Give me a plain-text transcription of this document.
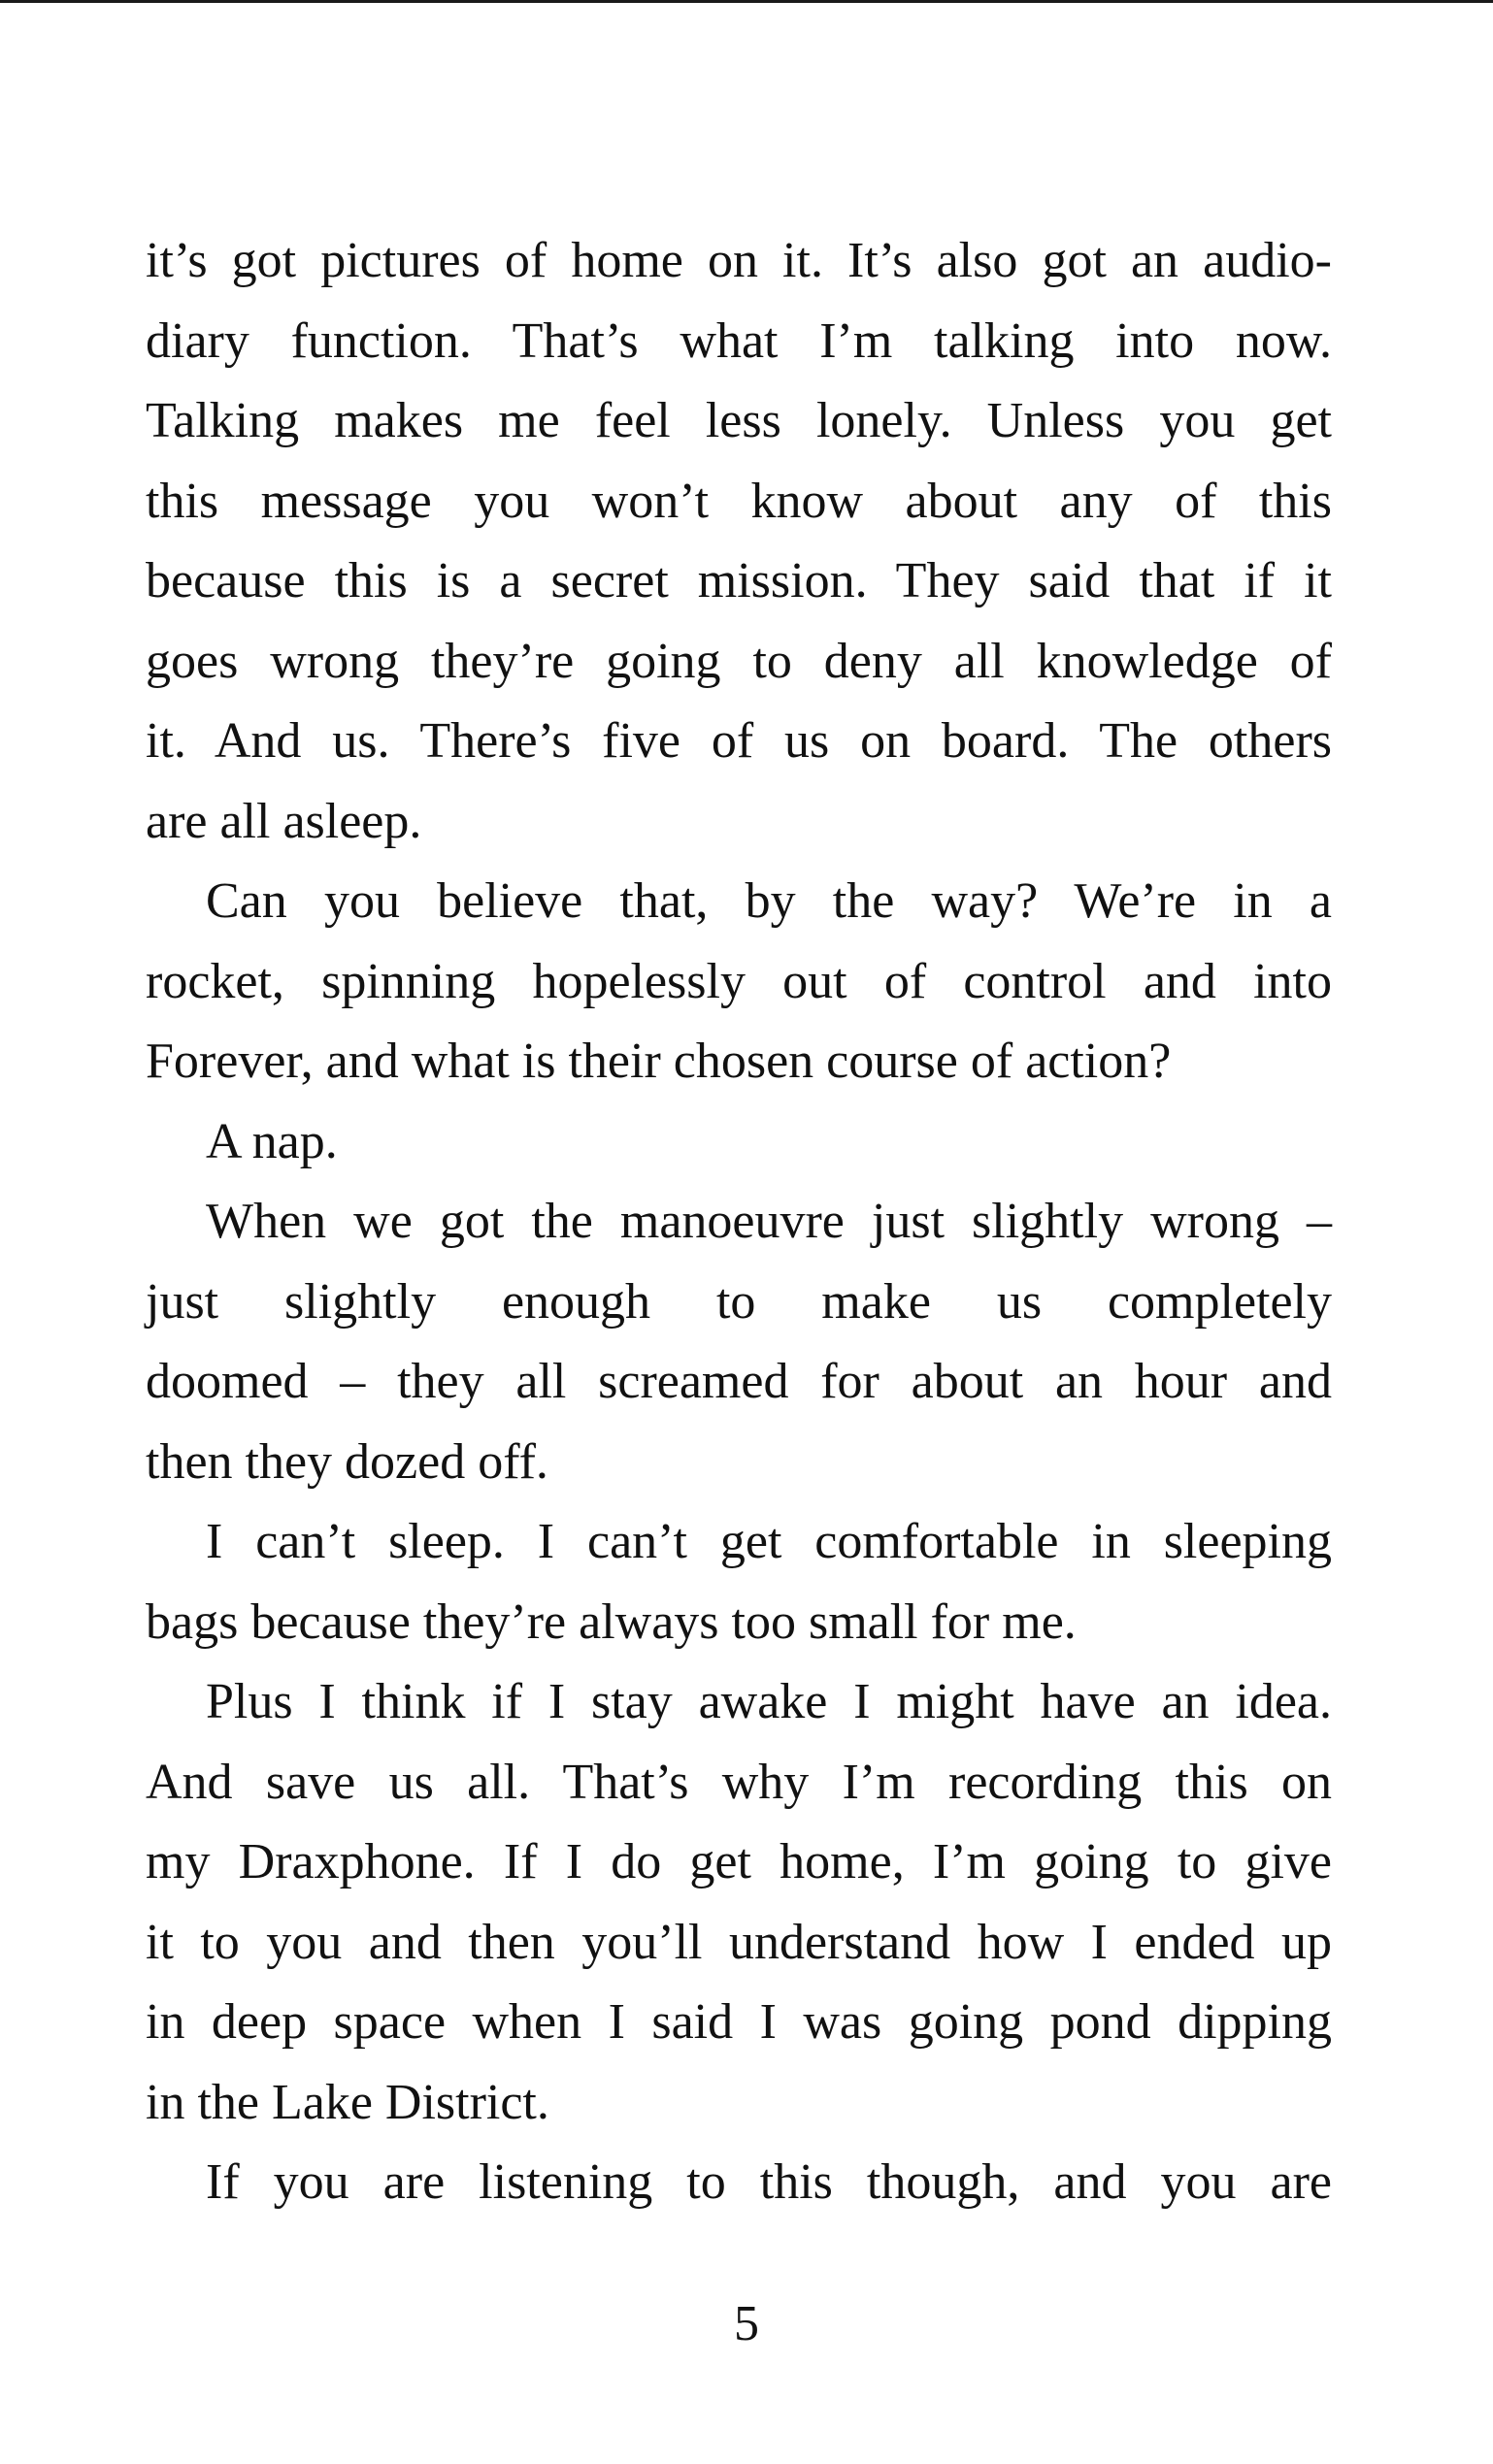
it’s got pictures of home on it. It’s also got an audio-
diary function. That’s what I’m talking into now.
Talking makes me feel less lonely. Unless you get
this message you won’t know about any of this
because this is a secret mission. They said that if it
goes wrong they’re going to deny all knowledge of
it. And us. There’s five of us on board. The others
are all asleep.
Can you believe that, by the way? We’re in a
rocket, spinning hopelessly out of control and into
Forever, and what is their chosen course of action?
A nap.
When we got the manoeuvre just slightly wrong –
just slightly enough to make us completely
doomed – they all screamed for about an hour and
then they dozed off.
I can’t sleep. I can’t get comfortable in sleeping
bags because they’re always too small for me.
Plus I think if I stay awake I might have an idea.
And save us all. That’s why I’m recording this on
my Draxphone. If I do get home, I’m going to give
it to you and then you’ll understand how I ended up
in deep space when I said I was going pond dipping
in the Lake District.
If you are listening to this though, and you are
5
